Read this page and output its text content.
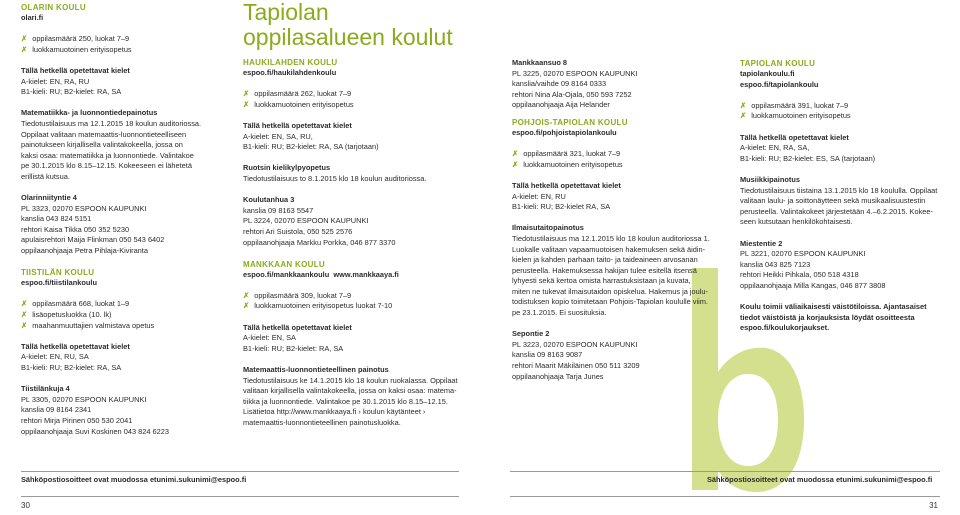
OLARIN KOULU
olari.fi
✗ oppilasmäärä 250, luokat 7–9
✗ luokkamuotoinen erityisopetus
Tällä hetkellä opetettavat kielet
A-kielet: EN, RA, RU
B1-kieli: RU; B2-kielet: RA, SA
Matematiikka- ja luonnontiedepainotus
Tiedotustilaisuus ma 12.1.2015 18 koulun auditoriossa.
Oppilaat valitaan matemaattis-luonnontieteelliseen
painotukseen kirjallisella valintakokeella, jossa on
kaksi osaa: matematiikka ja luonnontiede. Valintakoe
pe 30.1.2015 klo 8.15–12.15. Kokeeseen ei lähetetä
erillistä kutsua.
Olarinniityntie 4
PL 3323, 02070 ESPOON KAUPUNKI
kanslia 043 824 5151
rehtori Kaisa Tikka 050 352 5230
apulaisrehtori Maija Flinkman 050 543 6402
oppilaanohjaaja Petra Pihlaja-Kiviranta
TIISTILÄN KOULU
espoo.fi/tiistilankoulu
✗ oppilasmäärä 668, luokat 1–9
✗ lisäopetusluokka (10. lk)
✗ maahanmuuttajien valmistava opetus
Tällä hetkellä opetettavat kielet
A-kielet: EN, RU, SA
B1-kieli: RU; B2-kielet: RA, SA
Tiistilänkuja 4
PL 3305, 02070 ESPOON KAUPUNKI
kanslia 09 8164 2341
rehtori Mirja Pirinen 050 530 2041
oppilaanohjaaja Suvi Koskinen 043 824 6223
Tapiolan
oppilasalueen koulut
HAUKILAHDEN KOULU
espoo.fi/haukilahdenkoulu
✗ oppilasmäärä 262, luokat 7–9
✗ luokkamuotoinen erityisopetus
Tällä hetkellä opetettavat kielet
A-kielet: EN, SA, RU,
B1-kieli: RU; B2-kielet: RA, SA (tarjotaan)
Ruotsin kielikylpyopetus
Tiedotustilaisuus to 8.1.2015 klo 18 koulun auditoriossa.
Koulutanhua 3
kanslia 09 8163 5547
PL 3224, 02070 ESPOON KAUPUNKI
rehtori Ari Suistola, 050 525 2576
oppilaanohjaaja Markku Porkka, 046 877 3370
MANKKAAN KOULU
espoo.fi/mankkaankoulu www.mankkaaya.fi
✗ oppilasmäärä 309, luokat 7–9
✗ luokkamuotoinen erityisopetus luokat 7-10
Tällä hetkellä opetettavat kielet
A-kielet: EN, SA
B1-kieli: RU; B2-kielet: RA, SA
Matemaattis-luonnontieteellinen painotus
Tiedotustilaisuus ke 14.1.2015 klo 18 koulun ruokalassa. Oppilaat
valitaan kirjallisella valintakokeella, jossa on kaksi osaa: matema-
tiikka ja luonnontiede. Valintakoe pe 30.1.2015 klo 8.15–12.15.
Lisätietoa http://www.mankkaaya.fi › koulun käytänteet ›
matemaattis-luonnontieteellinen painotusluokka.
Mankkaansuo 8
PL 3225, 02070 ESPOON KAUPUNKI
kanslia/vaihde 09 8164 0333
rehtori Nina Ala-Ojala, 050 593 7252
oppilaanohjaaja Aija Helander
POHJOIS-TAPIOLAN KOULU
espoo.fi/pohjoistapiolankoulu
✗ oppilasmäärä 321, luokat 7–9
✗ luokkamuotoinen erityisopetus
Tällä hetkellä opetettavat kielet
A-kielet: EN, RU
B1-kieli: RU; B2-kielet RA, SA
Ilmaisutaitopainotus
Tiedotustilaisuus ma 12.1.2015 klo 18 koulun auditoriossa 1.
Luokalle valitaan vapaamuotoisen hakemuksen sekä äidin-
kielen ja kahden parhaan taito- ja taideaineen arvosanan
perusteella. Hakemuksessa hakijan tulee esitellä itsensä
lyhyesti sekä kertoa omista harrastuksistaan ja kuvata,
miten ne tukevat ilmaisutaidon opiskelua. Hakemus ja joulu-
todistuksen kopio toimitetaan Pohjois-Tapiolan koululle viim.
pe 23.1.2015. Ei suosituksia.
Sepontie 2
PL 3223, 02070 ESPOON KAUPUNKI
kanslia 09 8163 9087
rehtori Maarit Mäkiläinen 050 511 3209
oppilaanohjaaja Tarja Junes
TAPIOLAN KOULU
tapiolankoulu.fi
espoo.fi/tapiolankoulu
✗ oppilasmäärä 391, luokat 7–9
✗ luokkamuotoinen erityisopetus
Tällä hetkellä opetettavat kielet
A-kielet: EN, RA, SA,
B1-kieli: RU; B2-kielet: ES, SA (tarjotaan)
Musiikkipainotus
Tiedotustilaisuus tiistaina 13.1.2015 klo 18 koululla. Oppilaat
valitaan laulu- ja soittonäytteen sekä musikaalisuustestin
perusteella. Valintakokeet järjestetään 4.–6.2.2015. Kokee-
seen kutsutaan henkilökohtaisesti.
Miestentie 2
PL 3221, 02070 ESPOON KAUPUNKI
kanslia 043 825 7123
rehtori Heikki Pihkala, 050 518 4318
oppilaanohjaaja Milla Kangas, 046 877 3808
Koulu toimii väliaikaisesti väistötiloissa. Ajantasaiset
tiedot väistöistä ja korjauksista löydät osoitteesta
espoo.fi/koulukorjaukset.
Sähköpostiosoitteet ovat muodossa etunimi.sukunimi@espoo.fi	Sähköpostiosoitteet ovat muodossa etunimi.sukunimi@espoo.fi
30	31
